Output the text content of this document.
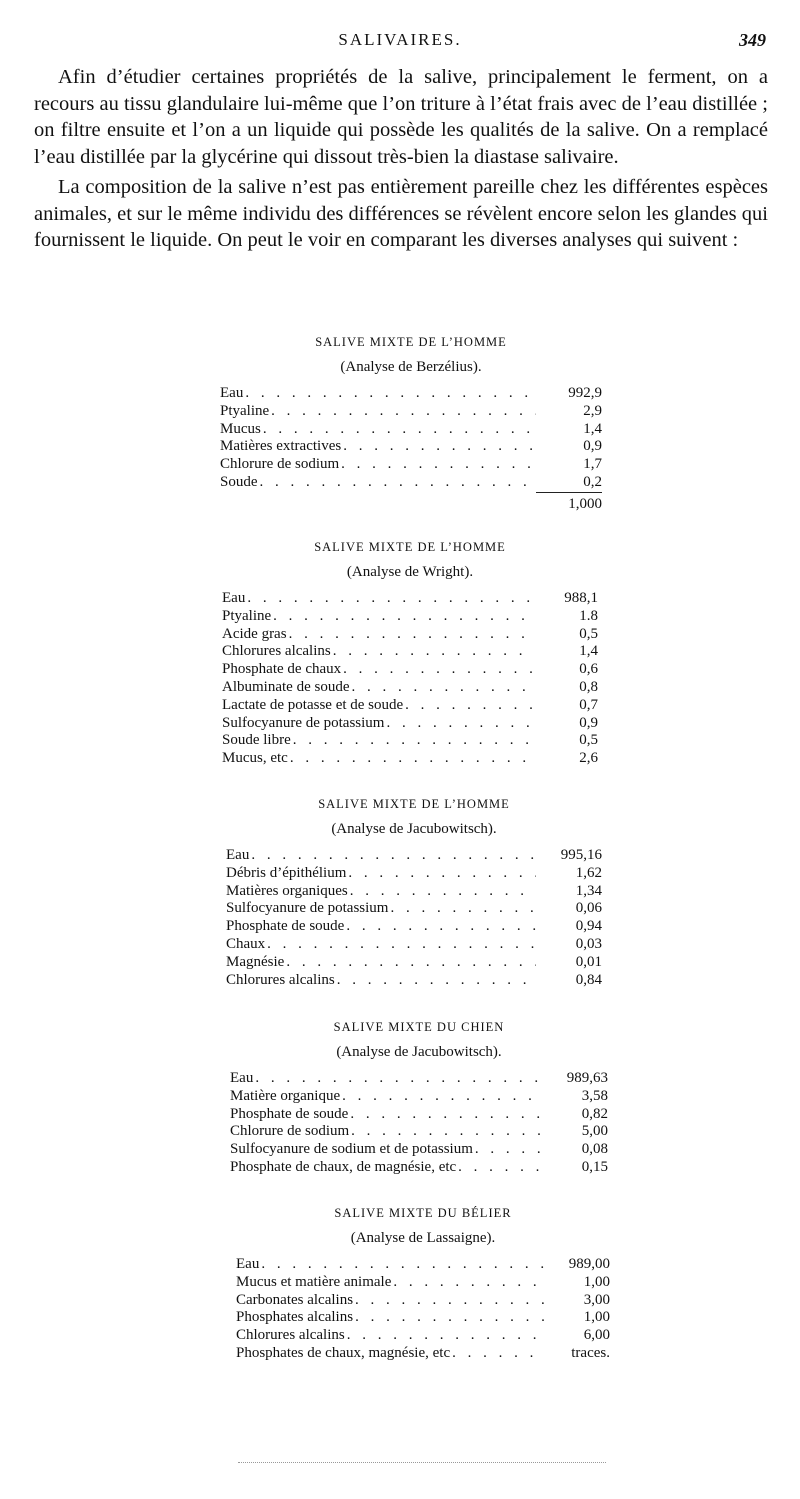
SALIVAIRES.	349

Afin d’étudier certaines propriétés de la salive, principalement le ferment, on a recours au tissu glandulaire lui-même que l’on triture à l’état frais avec de l’eau distillée ; on filtre ensuite et l’on a un liquide qui possède les qualités de la salive. On a remplacé l’eau distillée par la glycérine qui dissout très-bien la diastase salivaire.

La composition de la salive n’est pas entièrement pareille chez les différentes espèces animales, et sur le même individu des différences se révèlent encore selon les glandes qui fournissent le liquide. On peut le voir en comparant les diverses analyses qui suivent :

SALIVE MIXTE DE L’HOMME
(Analyse de Berzélius).
Eau . . .	992,9
Ptyaline . . .	2,9
Mucus . . .	1,4
Matières extractives . . .	0,9
Chlorure de sodium . . .	1,7
Soude . . .	0,2
1,000
SALIVE MIXTE DE L’HOMME
(Analyse de Wright).
Eau . . .	988,1
Ptyaline . . .	1.8
Acide gras . . .	0,5
Chlorures alcalins . . .	1,4
Phosphate de chaux . . .	0,6
Albuminate de soude . . .	0,8
Lactate de potasse et de soude . . .	0,7
Sulfocyanure de potassium . . .	0,9
Soude libre . . .	0,5
Mucus, etc . . .	2,6
SALIVE MIXTE DE L’HOMME
(Analyse de Jacubowitsch).
Eau . . .	995,16
Débris d’épithélium . . .	1,62
Matières organiques . . .	1,34
Sulfocyanure de potassium . . .	0,06
Phosphate de soude . . .	0,94
Chaux . . .	0,03
Magnésie . . .	0,01
Chlorures alcalins . . .	0,84
SALIVE MIXTE DU CHIEN
(Analyse de Jacubowitsch).
Eau . . .	989,63
Matière organique . . .	3,58
Phosphate de soude . . .	0,82
Chlorure de sodium . . .	5,00
Sulfocyanure de sodium et de potassium . . .	0,08
Phosphate de chaux, de magnésie, etc . . .	0,15
SALIVE MIXTE DU BÉLIER
(Analyse de Lassaigne).
Eau . . .	989,00
Mucus et matière animale . . .	1,00
Carbonates alcalins . . .	3,00
Phosphates alcalins . . .	1,00
Chlorures alcalins . . .	6,00
Phosphates de chaux, magnésie, etc . . .	traces.
